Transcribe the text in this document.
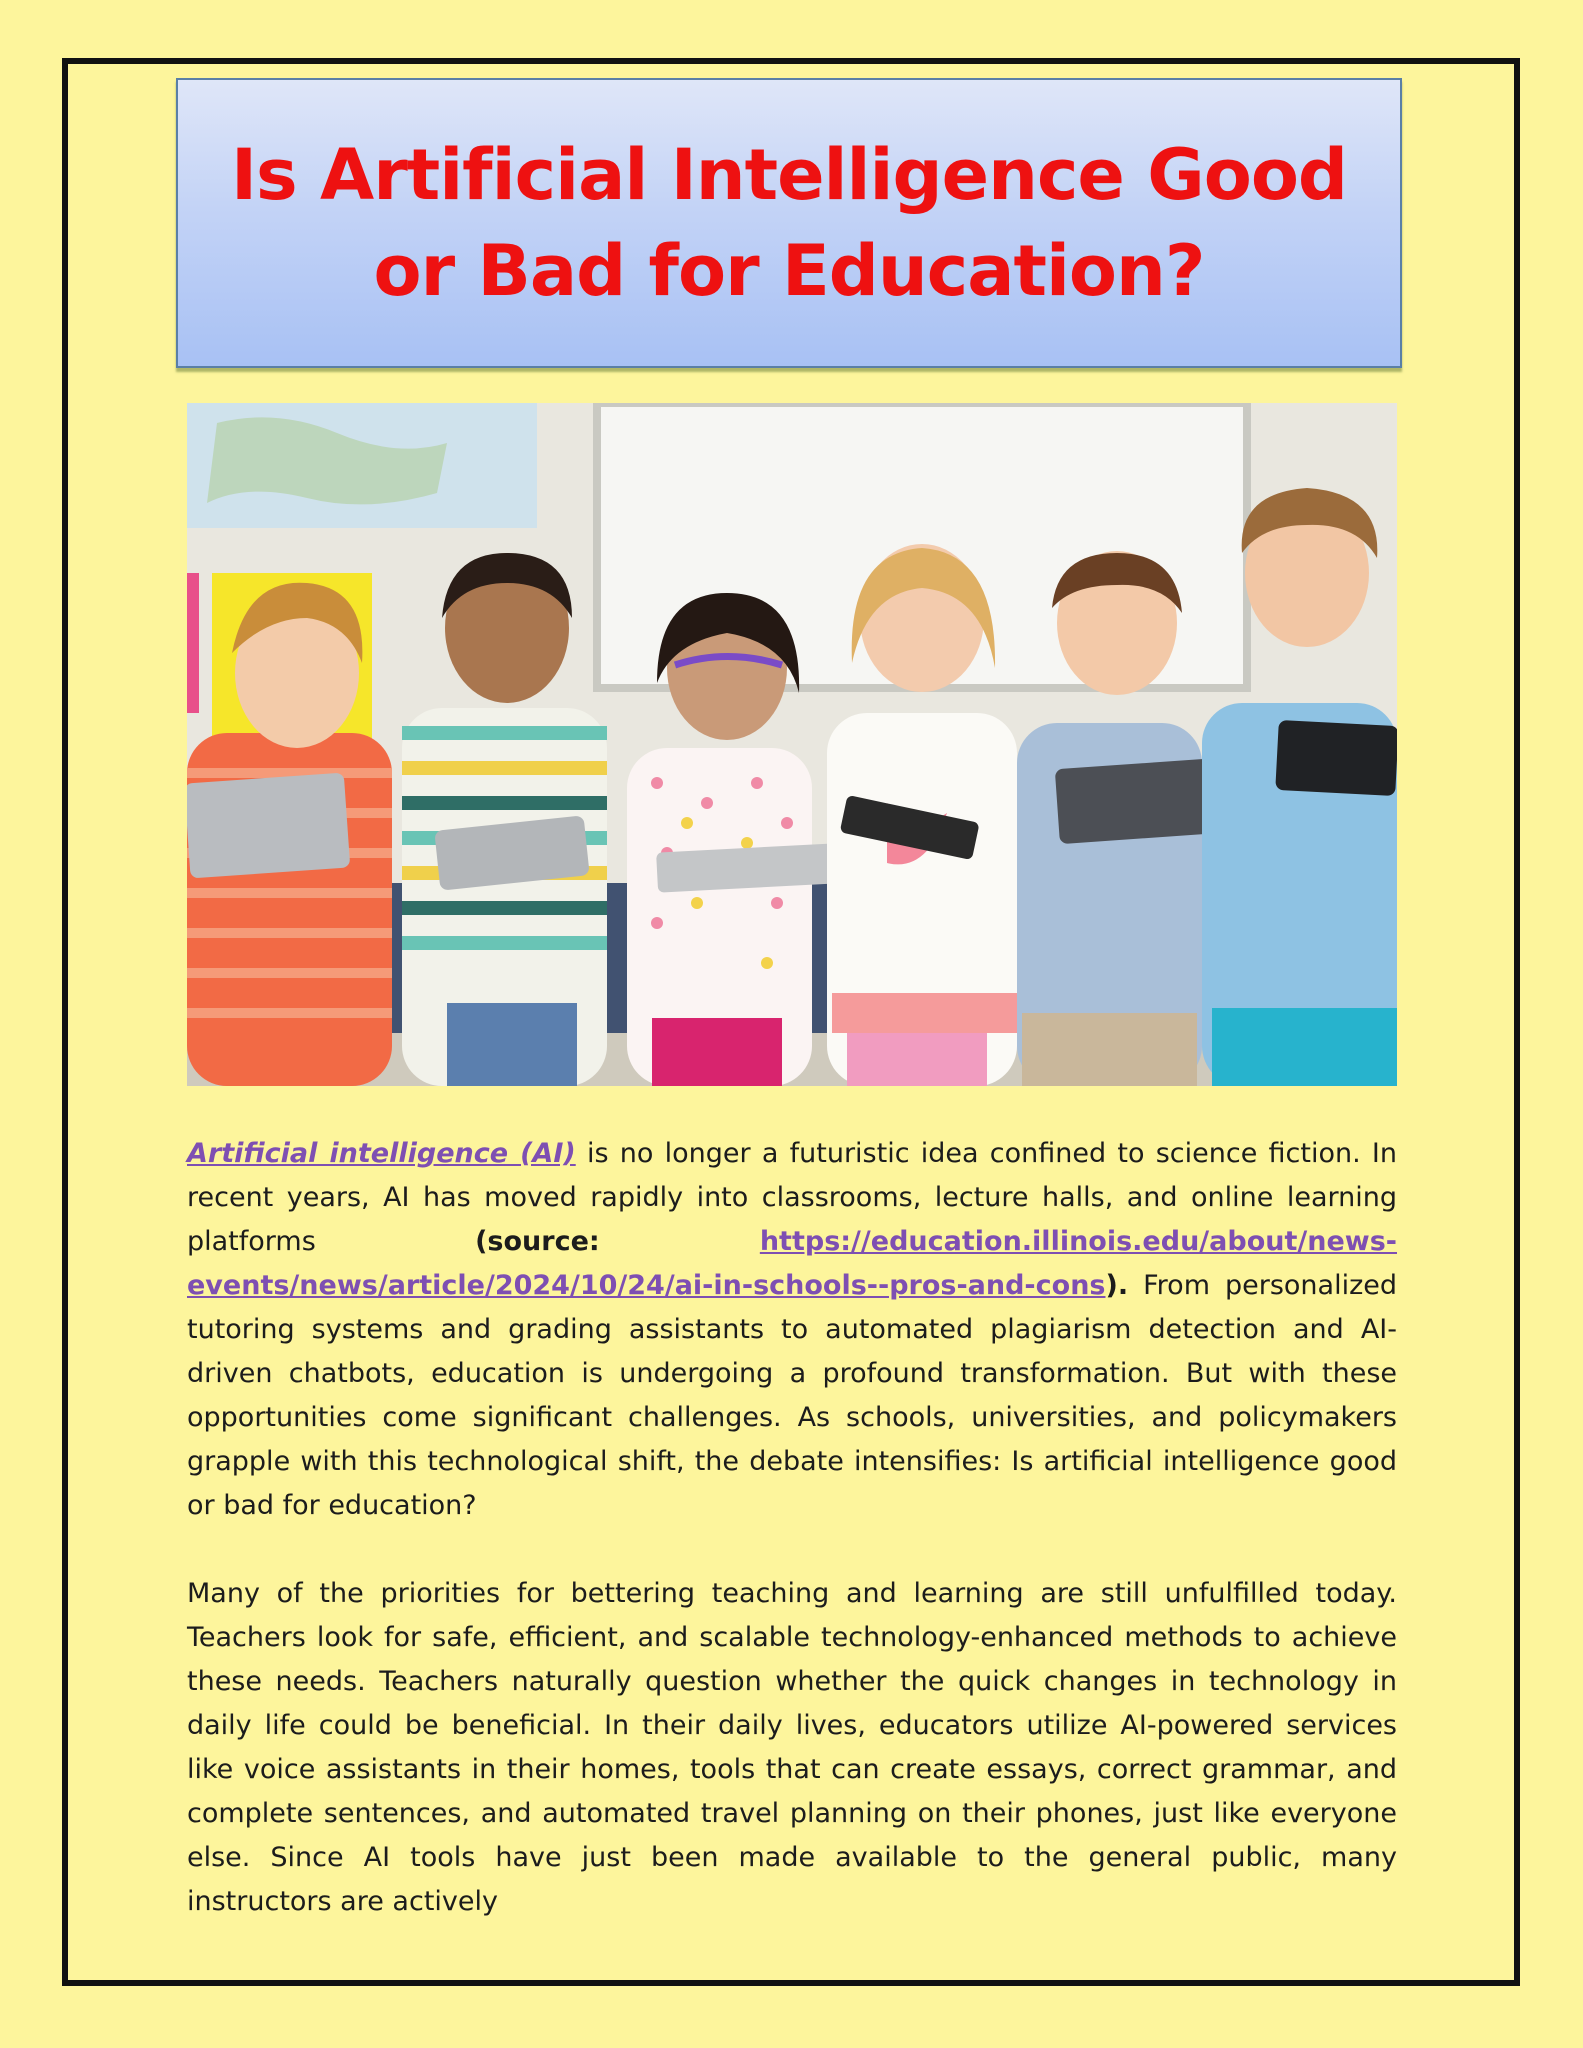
Is Artificial Intelligence Good
or Bad for Education?

Artificial intelligence (AI) is no longer a futuristic idea confined to science fiction. In recent years, AI has moved rapidly into classrooms, lecture halls, and online learning platforms (source: https://education.illinois.edu/about/news-events/news/article/2024/10/24/ai-in-schools--pros-and-cons). From personalized tutoring systems and grading assistants to automated plagiarism detection and AI-driven chatbots, education is undergoing a profound transformation. But with these opportunities come significant challenges. As schools, universities, and policymakers grapple with this technological shift, the debate intensifies: Is artificial intelligence good or bad for education?

Many of the priorities for bettering teaching and learning are still unfulfilled today. Teachers look for safe, efficient, and scalable technology-enhanced methods to achieve these needs. Teachers naturally question whether the quick changes in technology in daily life could be beneficial. In their daily lives, educators utilize AI-powered services like voice assistants in their homes, tools that can create essays, correct grammar, and complete sentences, and automated travel planning on their phones, just like everyone else. Since AI tools have just been made available to the general public, many instructors are actively
